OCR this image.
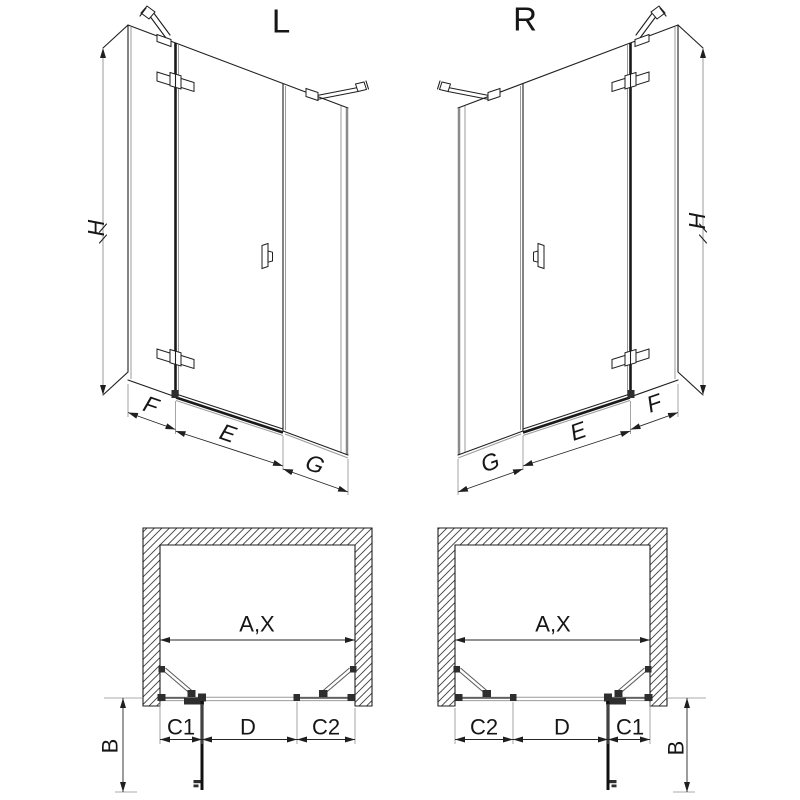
L
H
F
E
G
R
H
G
E
F
A,X
C1 D	C2
B
A,X
C2	D C1
B
